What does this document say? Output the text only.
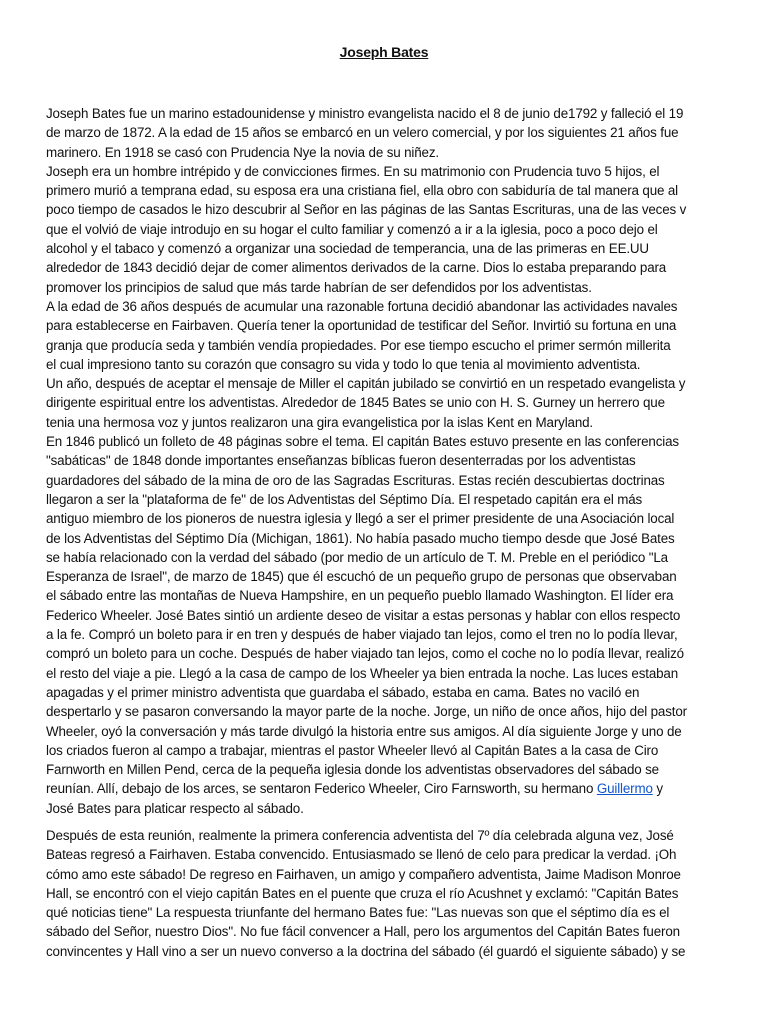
Joseph Bates
Joseph Bates fue un marino estadounidense y ministro evangelista nacido el 8 de junio de1792 y falleció el 19
de marzo de 1872. A la edad de 15 años se embarcó en un velero comercial, y por los siguientes 21 años fue
marinero. En 1918 se casó con Prudencia Nye la novia de su niñez.
Joseph era un hombre intrépido y de convicciones firmes. En su matrimonio con Prudencia tuvo 5 hijos, el
primero murió a temprana edad, su esposa era una cristiana fiel, ella obro con sabiduría de tal manera que al
poco tiempo de casados le hizo descubrir al Señor en las páginas de las Santas Escrituras, una de las veces v
que el volvió de viaje introdujo en su hogar el culto familiar y comenzó a ir a la iglesia, poco a poco dejo el
alcohol y el tabaco y comenzó a organizar una sociedad de temperancia, una de las primeras en EE.UU
alrededor de 1843 decidió dejar de comer alimentos derivados de la carne. Dios lo estaba preparando para
promover los principios de salud que más tarde habrían de ser defendidos por los adventistas.
A la edad de 36 años después de acumular una razonable fortuna decidió abandonar las actividades navales
para establecerse en Fairbaven. Quería tener la oportunidad de testificar del Señor. Invirtió su fortuna en una
granja que producía seda y también vendía propiedades. Por ese tiempo escucho el primer sermón millerita
el cual impresiono tanto su corazón que consagro su vida y todo lo que tenia al movimiento adventista.
Un año, después de aceptar el mensaje de Miller el capitán jubilado se convirtió en un respetado evangelista y
dirigente espiritual entre los adventistas. Alrededor de 1845 Bates se unio con H. S. Gurney un herrero que
tenia una hermosa voz y juntos realizaron una gira evangelistica por la islas Kent en Maryland.
En 1846 publicó un folleto de 48 páginas sobre el tema. El capitán Bates estuvo presente en las conferencias
"sabáticas" de 1848 donde importantes enseñanzas bíblicas fueron desenterradas por los adventistas
guardadores del sábado de la mina de oro de las Sagradas Escrituras. Estas recién descubiertas doctrinas
llegaron a ser la "plataforma de fe" de los Adventistas del Séptimo Día. El respetado capitán era el más
antiguo miembro de los pioneros de nuestra iglesia y llegó a ser el primer presidente de una Asociación local
de los Adventistas del Séptimo Día (Michigan, 1861). No había pasado mucho tiempo desde que José Bates
se había relacionado con la verdad del sábado (por medio de un artículo de T. M. Preble en el periódico "La
Esperanza de Israel", de marzo de 1845) que él escuchó de un pequeño grupo de personas que observaban
el sábado entre las montañas de Nueva Hampshire, en un pequeño pueblo llamado Washington. El líder era
Federico Wheeler. José Bates sintió un ardiente deseo de visitar a estas personas y hablar con ellos respecto
a la fe. Compró un boleto para ir en tren y después de haber viajado tan lejos, como el tren no lo podía llevar,
compró un boleto para un coche. Después de haber viajado tan lejos, como el coche no lo podía llevar, realizó
el resto del viaje a pie. Llegó a la casa de campo de los Wheeler ya bien entrada la noche. Las luces estaban
apagadas y el primer ministro adventista que guardaba el sábado, estaba en cama. Bates no vaciló en
despertarlo y se pasaron conversando la mayor parte de la noche. Jorge, un niño de once años, hijo del pastor
Wheeler, oyó la conversación y más tarde divulgó la historia entre sus amigos. Al día siguiente Jorge y uno de
los criados fueron al campo a trabajar, mientras el pastor Wheeler llevó al Capitán Bates a la casa de Ciro
Farnworth en Millen Pend, cerca de la pequeña iglesia donde los adventistas observadores del sábado se
reunían. Allí, debajo de los arces, se sentaron Federico Wheeler, Ciro Farnsworth, su hermano Guillermo y
José Bates para platicar respecto al sábado.
Después de esta reunión, realmente la primera conferencia adventista del 7º día celebrada alguna vez, José
Bateas regresó a Fairhaven. Estaba convencido. Entusiasmado se llenó de celo para predicar la verdad. ¡Oh
cómo amo este sábado! De regreso en Fairhaven, un amigo y compañero adventista, Jaime Madison Monroe
Hall, se encontró con el viejo capitán Bates en el puente que cruza el río Acushnet y exclamó: "Capitán Bates
qué noticias tiene" La respuesta triunfante del hermano Bates fue: "Las nuevas son que el séptimo día es el
sábado del Señor, nuestro Dios". No fue fácil convencer a Hall, pero los argumentos del Capitán Bates fueron
convincentes y Hall vino a ser un nuevo converso a la doctrina del sábado (él guardó el siguiente sábado) y se
